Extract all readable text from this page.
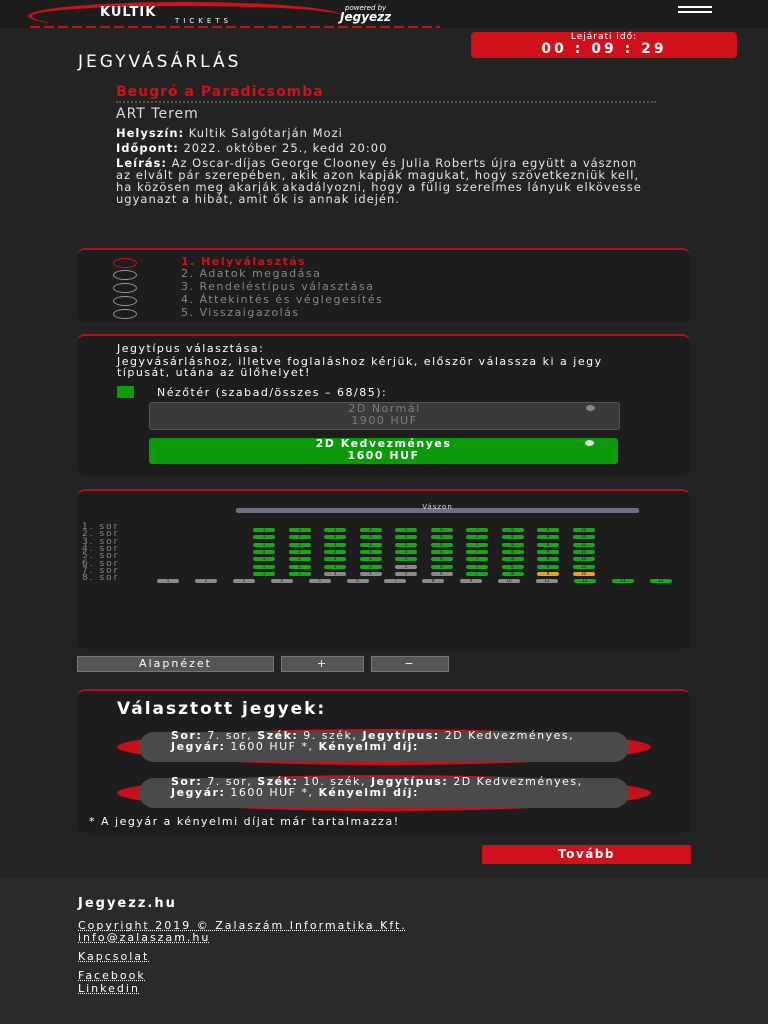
KULTIK
TICKETS
powered by
Jegyezz
Lejárati idő:
00 : 09 : 29
JEGYVÁSÁRLÁS
Beugró a Paradicsomba
ART Terem
Helyszín: Kultik Salgótarján Mozi
Időpont: 2022. október 25., kedd 20:00
Leírás: Az Oscar-díjas George Clooney és Julia Roberts újra együtt a vásznon az elvált pár szerepében, akik azon kapják magukat, hogy szövetkezniük kell, ha közösen meg akarják akadályozni, hogy a fülig szerelmes lányuk elkövesse ugyanazt a hibát, amit ők is annak idején.
1. Helyválasztás
2. Adatok megadása
3. Rendeléstípus választása
4. Áttekintés és véglegesítés
5. Visszaigazolás
Jegytípus választása:
Jegyvásárláshoz, illetve foglaláshoz kérjük, először válassza ki a jegy típusát, utána az ülőhelyet!
Nézőtér (szabad/összes – 68/85):
2D Normál
1900 HUF
2D Kedvezményes
1600 HUF
Vászon
1. sor	1	2	3	4	5	6	7	8	9	10
2. sor	1	2	3	4	5	6	7	8	9	10
3. sor	1	2	3	4	5	6	7	8	9	10
4. sor	1	2	3	4	5	6	7	8	9	10
5. sor	1	2	3	4	5	6	7	8	9	10
6. sor	1	2	3	4	5	6	7	8	9	10
7. sor	1	2	3	4	5	6	7	8	9	10
8. sor	1	2	3	4	5	6	7	8	9	10	11	12	13	14
Alapnézet	+	−
Választott jegyek:
Sor: 7. sor, Szék: 9. szék, Jegytípus: 2D Kedvezményes, Jegyár: 1600 HUF *, Kényelmi díj:
Sor: 7. sor, Szék: 10. szék, Jegytípus: 2D Kedvezményes, Jegyár: 1600 HUF *, Kényelmi díj:
* A jegyár a kényelmi díjat már tartalmazza!
Tovább
Jegyezz.hu
Copyright 2019 © Zalaszám Informatika Kft.
info@zalaszam.hu
Kapcsolat
Facebook
Linkedin
